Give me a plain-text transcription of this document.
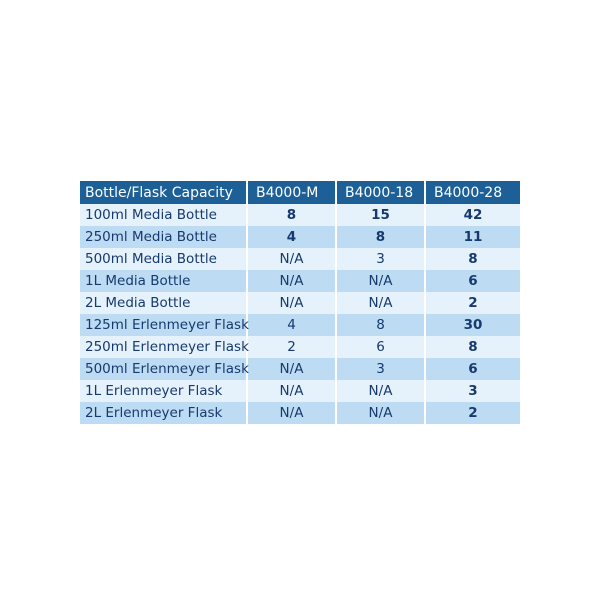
Bottle/Flask Capacity	B4000-M	B4000-18	B4000-28
100ml Media Bottle	8	15	42
250ml Media Bottle	4	8	11
500ml Media Bottle	N/A	3	8
1L Media Bottle	N/A	N/A	6
2L Media Bottle	N/A	N/A	2
125ml Erlenmeyer Flask	4	8	30
250ml Erlenmeyer Flask	2	6	8
500ml Erlenmeyer Flask	N/A	3	6
1L Erlenmeyer Flask	N/A	N/A	3
2L Erlenmeyer Flask	N/A	N/A	2
